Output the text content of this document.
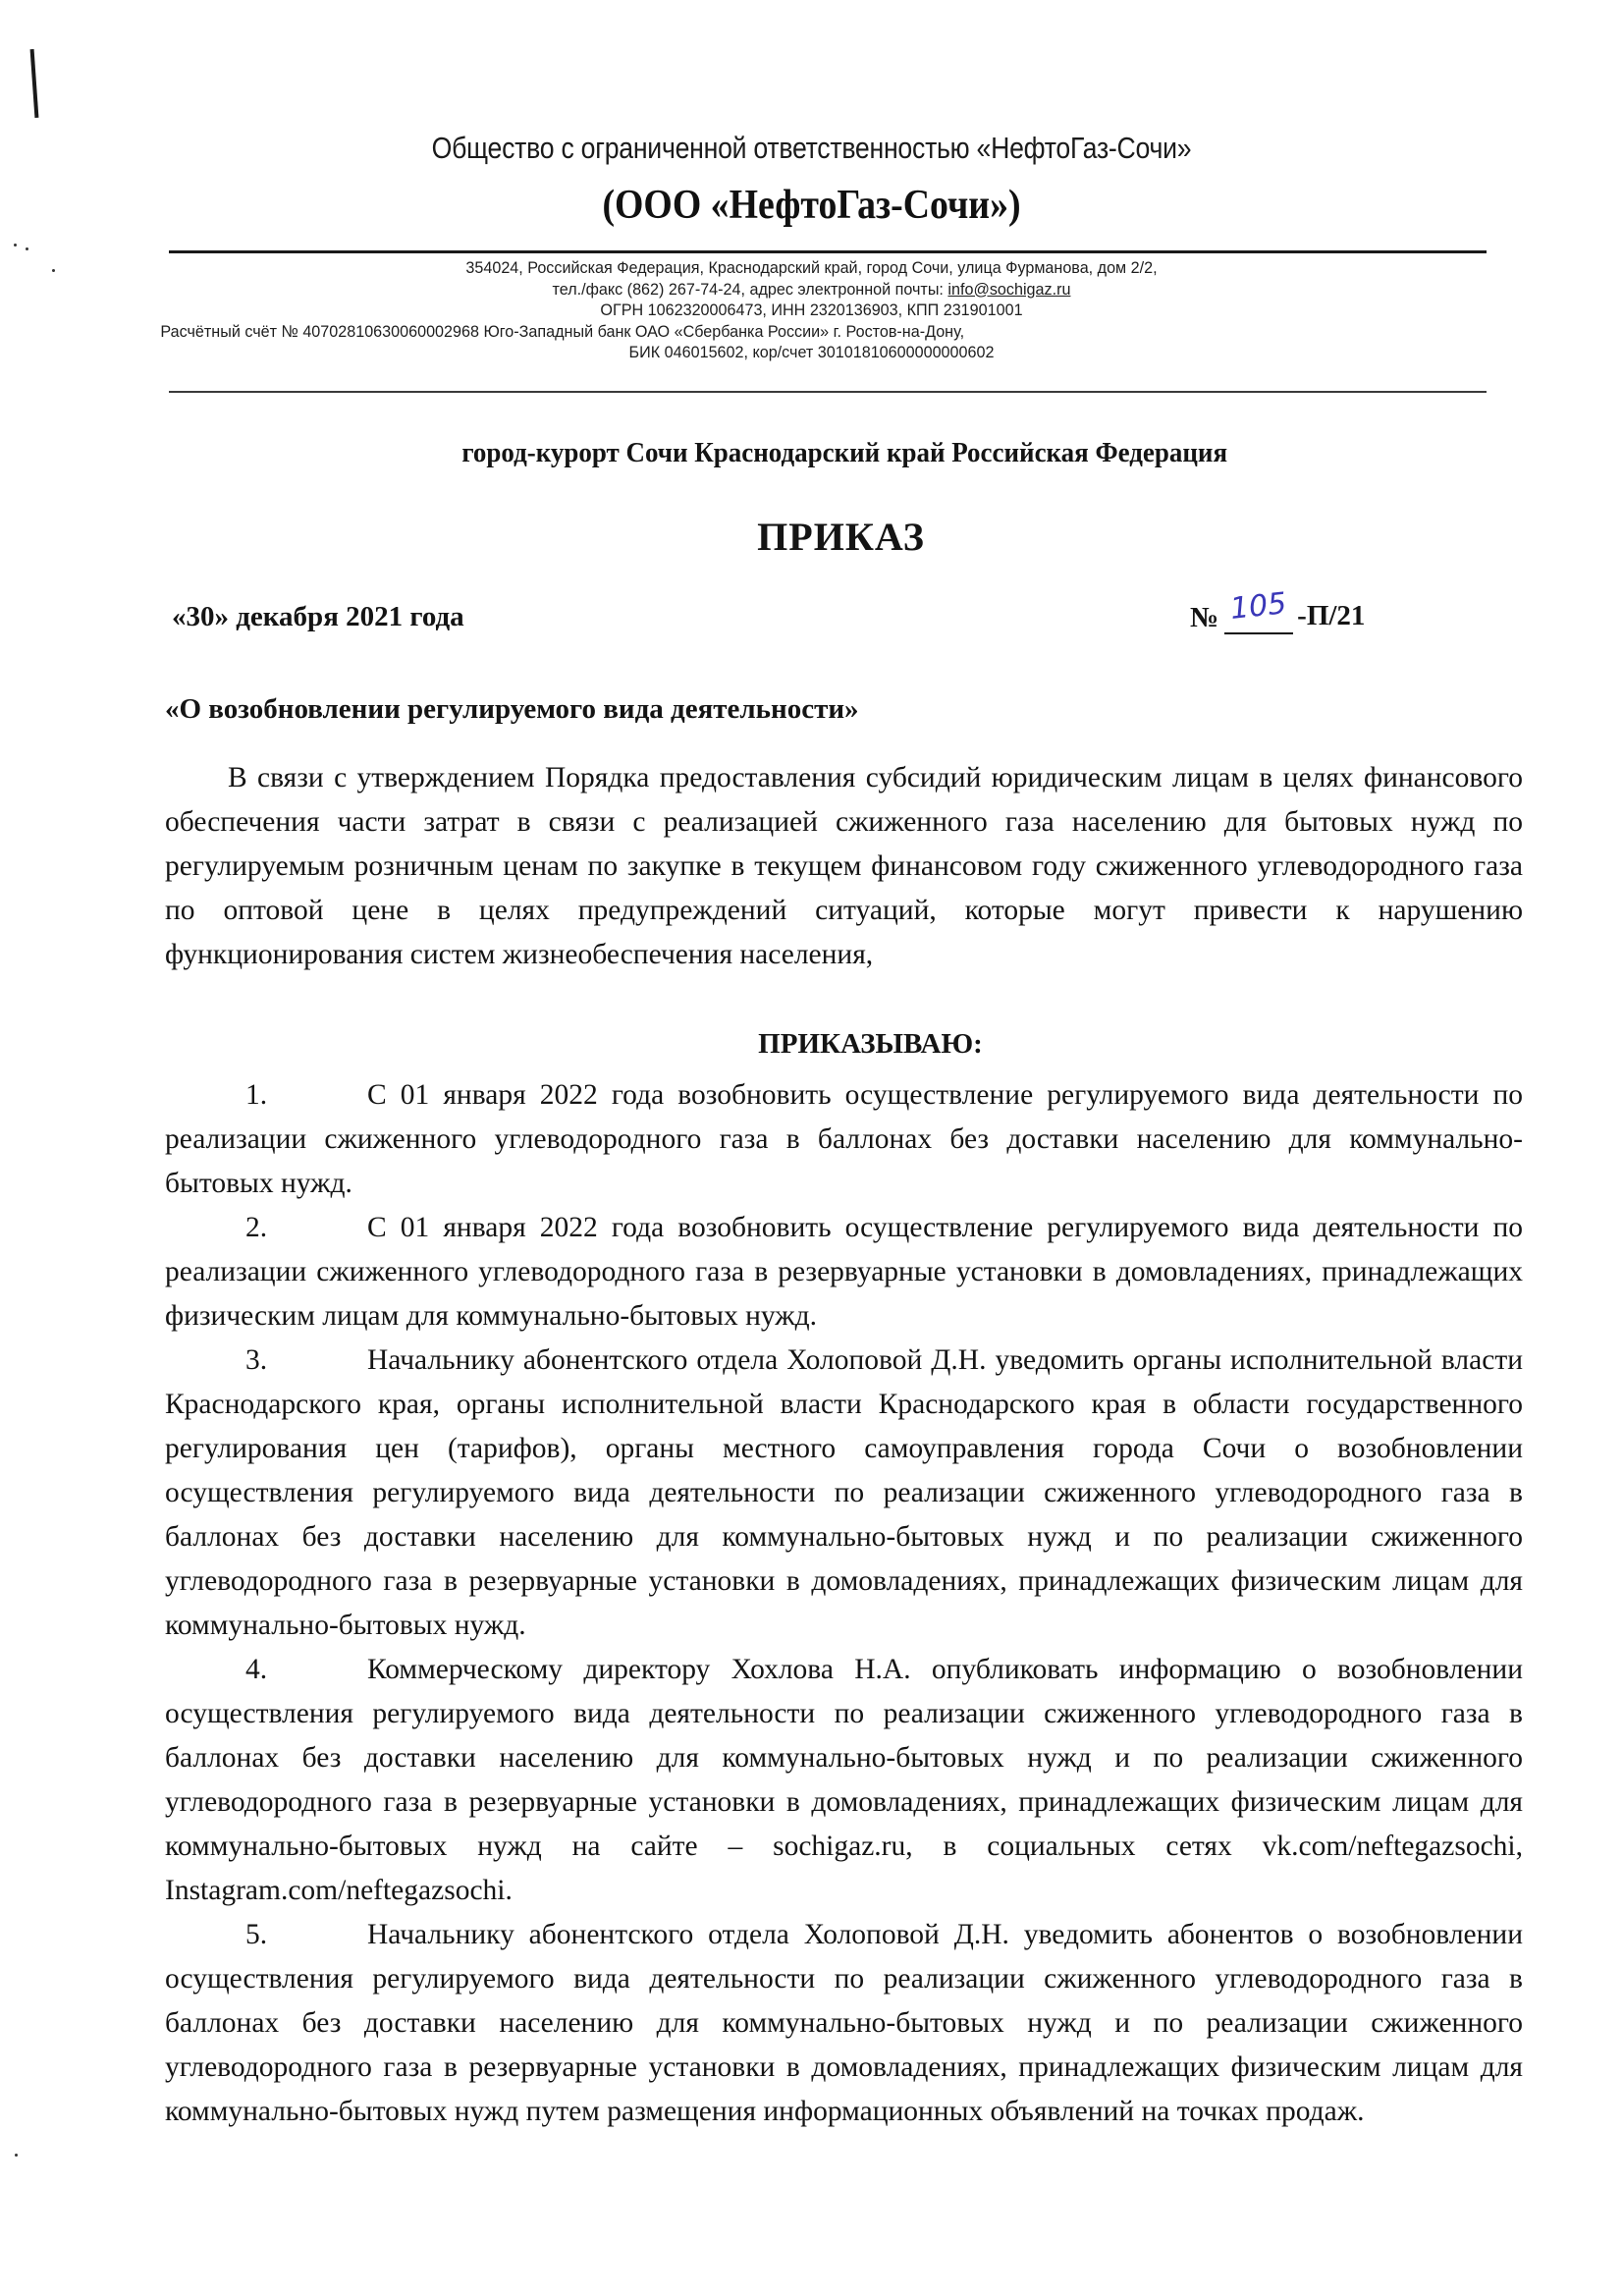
Общество с ограниченной ответственностью «НефтоГаз-Сочи»
(ООО «НефтоГаз-Сочи»)
354024, Российская Федерация, Краснодарский край, город Сочи, улица Фурманова, дом 2/2,
тел./факс (862) 267-74-24, адрес электронной почты: info@sochigaz.ru
ОГРН 1062320006473, ИНН 2320136903, КПП 231901001
Расчётный счёт № 40702810630060002968 Юго-Западный банк ОАО «Сбербанка России» г. Ростов-на-Дону,
БИК 046015602, кор/счет 30101810600000000602
город-курорт Сочи Краснодарский край Российская Федерация
ПРИКАЗ
«30» декабря 2021 года	№ 105 -П/21
«О возобновлении регулируемого вида деятельности»

В связи с утверждением Порядка предоставления субсидий юридическим лицам в целях финансового обеспечения части затрат в связи с реализацией сжиженного газа населению для бытовых нужд по регулируемым розничным ценам по закупке в текущем финансовом году сжиженного углеводородного газа по оптовой цене в целях предупреждений ситуаций, которые могут привести к нарушению функционирования систем жизнеобеспечения населения,

ПРИКАЗЫВАЮ:
1.	С 01 января 2022 года возобновить осуществление регулируемого вида деятельности по реализации сжиженного углеводородного газа в баллонах без доставки населению для коммунально-бытовых нужд.
2.	С 01 января 2022 года возобновить осуществление регулируемого вида деятельности по реализации сжиженного углеводородного газа в резервуарные установки в домовладениях, принадлежащих физическим лицам для коммунально-бытовых нужд.
3.	Начальнику абонентского отдела Холоповой Д.Н. уведомить органы исполнительной власти Краснодарского края, органы исполнительной власти Краснодарского края в области государственного регулирования цен (тарифов), органы местного самоуправления города Сочи о возобновлении осуществления регулируемого вида деятельности по реализации сжиженного углеводородного газа в баллонах без доставки населению для коммунально-бытовых нужд и по реализации сжиженного углеводородного газа в резервуарные установки в домовладениях, принадлежащих физическим лицам для коммунально-бытовых нужд.
4.	Коммерческому директору Хохлова Н.А. опубликовать информацию о возобновлении осуществления регулируемого вида деятельности по реализации сжиженного углеводородного газа в баллонах без доставки населению для коммунально-бытовых нужд и по реализации сжиженного углеводородного газа в резервуарные установки в домовладениях, принадлежащих физическим лицам для коммунально-бытовых нужд на сайте – sochigaz.ru, в социальных сетях vk.com/neftegazsochi, Instagram.com/neftegazsochi.
5.	Начальнику абонентского отдела Холоповой Д.Н. уведомить абонентов о возобновлении осуществления регулируемого вида деятельности по реализации сжиженного углеводородного газа в баллонах без доставки населению для коммунально-бытовых нужд и по реализации сжиженного углеводородного газа в резервуарные установки в домовладениях, принадлежащих физическим лицам для коммунально-бытовых нужд путем размещения информационных объявлений на точках продаж.
